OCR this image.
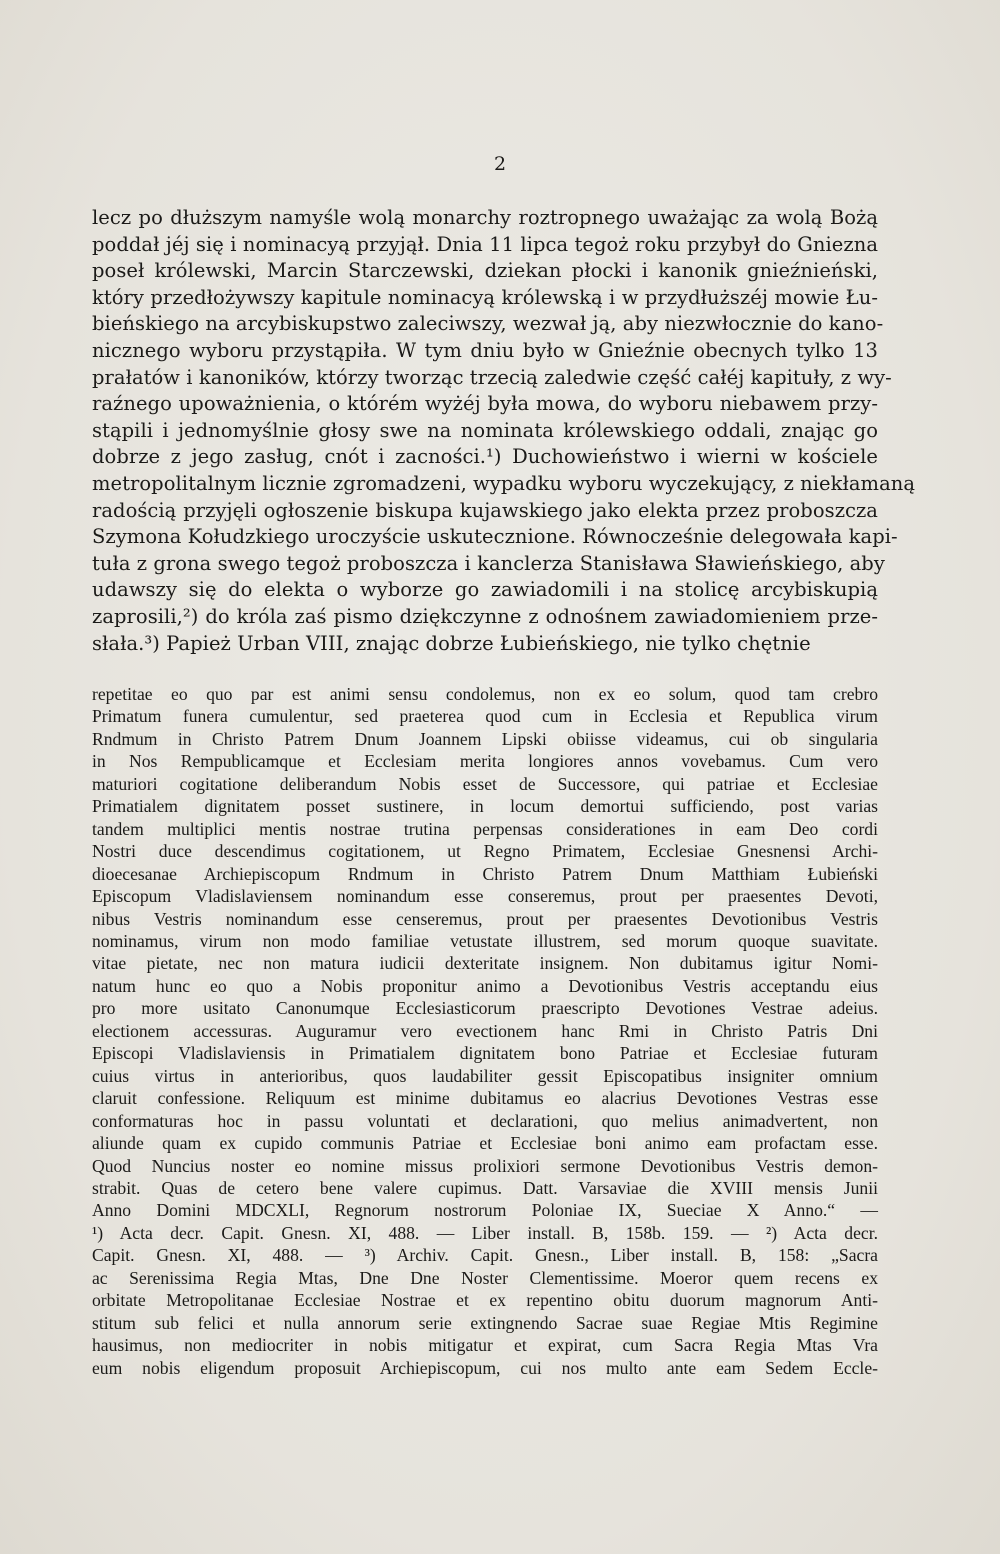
2
lecz po dłuższym namyśle wolą monarchy roztropnego uważając za wolą Bożą
poddał jéj się i nominacyą przyjął. Dnia 11 lipca tegoż roku przybył do Gniezna
poseł królewski, Marcin Starczewski, dziekan płocki i kanonik gnieźnieński,
który przedłożywszy kapitule nominacyą królewską i w przydłuższéj mowie Łu-
bieńskiego na arcybiskupstwo zaleciwszy, wezwał ją, aby niezwłocznie do kano-
nicznego wyboru przystąpiła. W tym dniu było w Gnieźnie obecnych tylko 13
prałatów i kanoników, którzy tworząc trzecią zaledwie część całéj kapituły, z wy-
raźnego upoważnienia, o którém wyżéj była mowa, do wyboru niebawem przy-
stąpili i jednomyślnie głosy swe na nominata królewskiego oddali, znając go
dobrze z jego zasług, cnót i zacności.¹) Duchowieństwo i wierni w kościele
metropolitalnym licznie zgromadzeni, wypadku wyboru wyczekujący, z niekłamaną
radością przyjęli ogłoszenie biskupa kujawskiego jako elekta przez proboszcza
Szymona Kołudzkiego uroczyście uskutecznione. Równocześnie delegowała kapi-
tuła z grona swego tegoż proboszcza i kanclerza Stanisława Sławieńskiego, aby
udawszy się do elekta o wyborze go zawiadomili i na stolicę arcybiskupią
zaprosili,²) do króla zaś pismo dziękczynne z odnośnem zawiadomieniem prze-
słała.³) Papież Urban VIII, znając dobrze Łubieńskiego, nie tylko chętnie
repetitae eo quo par est animi sensu condolemus, non ex eo solum, quod tam crebro
Primatum funera cumulentur, sed praeterea quod cum in Ecclesia et Republica virum
Rndmum in Christo Patrem Dnum Joannem Lipski obiisse videamus, cui ob singularia
in Nos Rempublicamque et Ecclesiam merita longiores annos vovebamus. Cum vero
maturiori cogitatione deliberandum Nobis esset de Successore, qui patriae et Ecclesiae
Primatialem dignitatem posset sustinere, in locum demortui sufficiendo, post varias
tandem multiplici mentis nostrae trutina perpensas considerationes in eam Deo cordi
Nostri duce descendimus cogitationem, ut Regno Primatem, Ecclesiae Gnesnensi Archi-
dioecesanae Archiepiscopum Rndmum in Christo Patrem Dnum Matthiam Łubieński
Episcopum Vladislaviensem nominandum esse conseremus, prout per praesentes Devoti,
nibus Vestris nominandum esse censeremus, prout per praesentes Devotionibus Vestris
nominamus, virum non modo familiae vetustate illustrem, sed morum quoque suavitate.
vitae pietate, nec non matura iudicii dexteritate insignem. Non dubitamus igitur Nomi-
natum hunc eo quo a Nobis proponitur animo a Devotionibus Vestris acceptandu eius
pro more usitato Canonumque Ecclesiasticorum praescripto Devotiones Vestrae adeius.
electionem accessuras. Auguramur vero evectionem hanc Rmi in Christo Patris Dni
Episcopi Vladislaviensis in Primatialem dignitatem bono Patriae et Ecclesiae futuram
cuius virtus in anterioribus, quos laudabiliter gessit Episcopatibus insigniter omnium
claruit confessione. Reliquum est minime dubitamus eo alacrius Devotiones Vestras esse
conformaturas hoc in passu voluntati et declarationi, quo melius animadvertent, non
aliunde quam ex cupido communis Patriae et Ecclesiae boni animo eam profactam esse.
Quod Nuncius noster eo nomine missus prolixiori sermone Devotionibus Vestris demon-
strabit. Quas de cetero bene valere cupimus. Datt. Varsaviae die XVIII mensis Junii
Anno Domini MDCXLI, Regnorum nostrorum Poloniae IX, Sueciae X Anno.“ —
¹) Acta decr. Capit. Gnesn. XI, 488. — Liber install. B, 158b. 159. — ²) Acta decr.
Capit. Gnesn. XI, 488. — ³) Archiv. Capit. Gnesn., Liber install. B, 158: „Sacra
ac Serenissima Regia Mtas, Dne Dne Noster Clementissime. Moeror quem recens ex
orbitate Metropolitanae Ecclesiae Nostrae et ex repentino obitu duorum magnorum Anti-
stitum sub felici et nulla annorum serie extingnendo Sacrae suae Regiae Mtis Regimine
hausimus, non mediocriter in nobis mitigatur et expirat, cum Sacra Regia Mtas Vra
eum nobis eligendum proposuit Archiepiscopum, cui nos multo ante eam Sedem Eccle-
